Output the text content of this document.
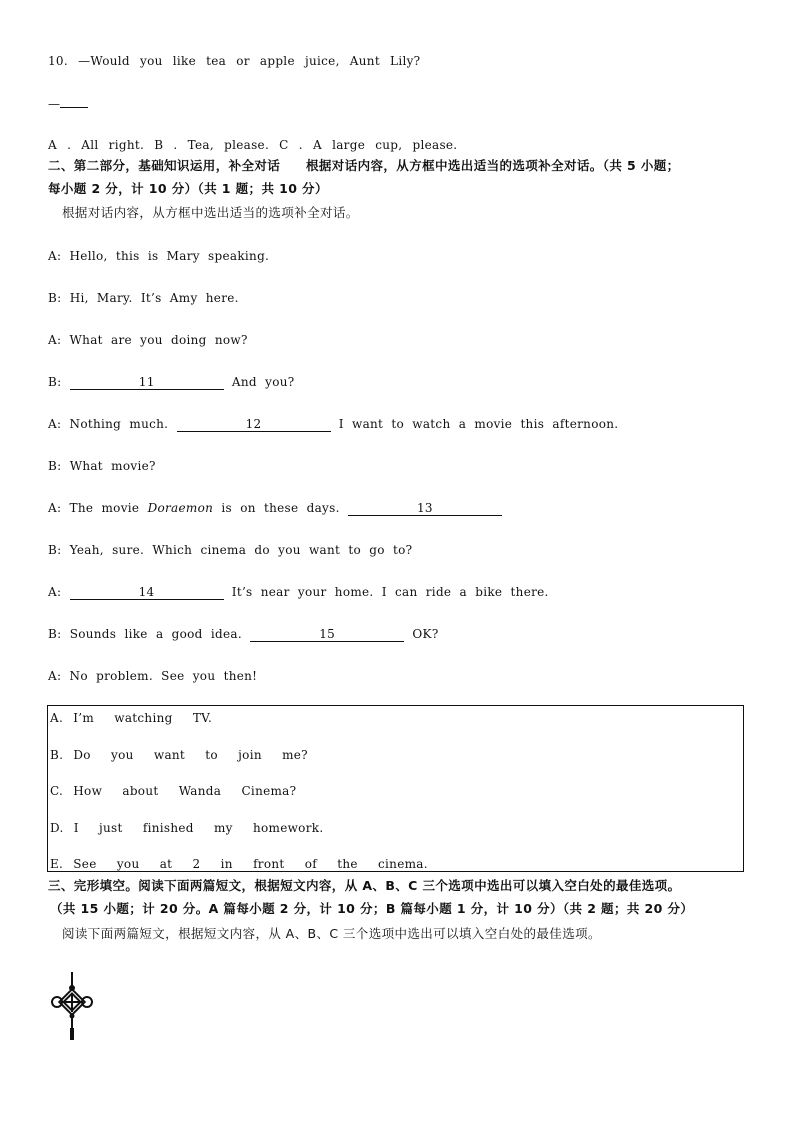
10. —Would you like tea or apple juice, Aunt Lily?
—
A . All right. B . Tea, please. C . A large cup, please.
二、第二部分，基础知识运用，补全对话　　根据对话内容，从方框中选出适当的选项补全对话。（共 5 小题；
每小题 2 分，计 10 分）（共 1 题；共 10 分）
根据对话内容，从方框中选出适当的选项补全对话。
A:  Hello,  this  is  Mary  speaking.
B:  Hi,  Mary.  It’s  Amy  here.
A:  What  are  you  doing  now?
B:	11	And  you?
A:  Nothing  much.	12	I  want  to  watch  a  movie  this  afternoon.
B:  What  movie?
A:  The  movie  Doraemon  is  on  these  days.	13
B:  Yeah,  sure.  Which  cinema  do  you  want  to  go  to?
A:	14	It’s  near  your  home.  I  can  ride  a  bike  there.
B:  Sounds  like  a  good  idea.	15	OK?
A:  No  problem.  See  you  then!
A. I’m  watching  TV.
B. Do  you  want  to  join  me?
C. How  about  Wanda  Cinema?
D. I  just  finished  my  homework.
E. See  you  at  2  in  front  of  the  cinema.
三、完形填空。阅读下面两篇短文，根据短文内容，从 A、B、C 三个选项中选出可以填入空白处的最佳选项。
（共 15 小题；计 20 分。A 篇每小题 2 分，计 10 分；B 篇每小题 1 分，计 10 分）（共 2 题；共 20 分）
阅读下面两篇短文，根据短文内容，从 A、B、C 三个选项中选出可以填入空白处的最佳选项。
